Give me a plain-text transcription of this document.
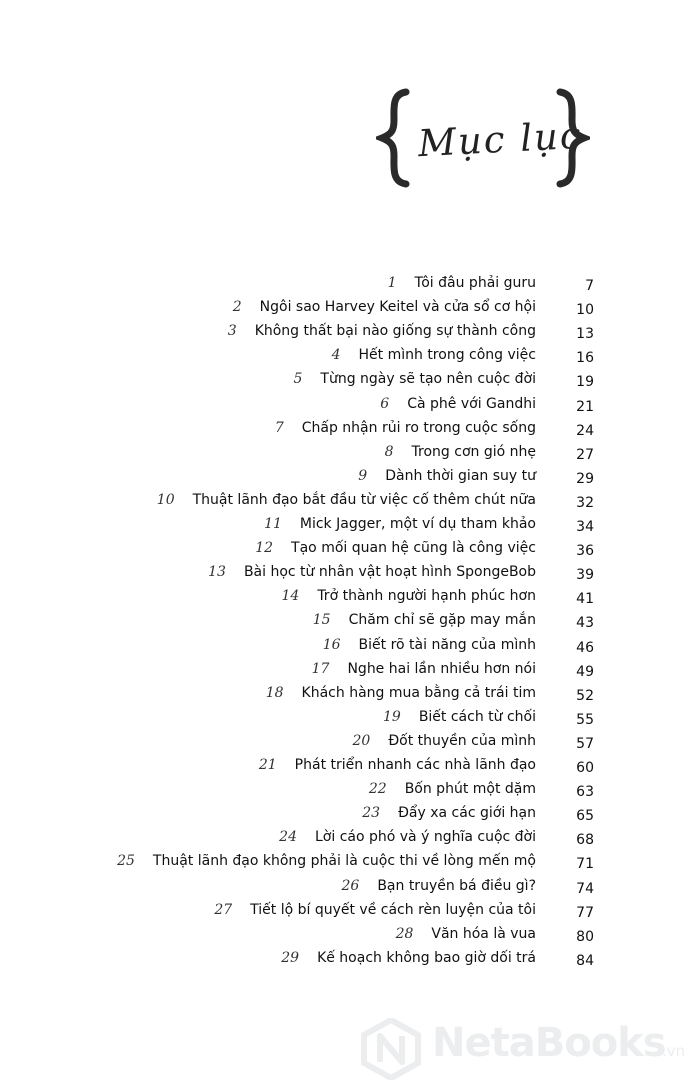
Mục lục
1 Tôi đâu phải guru	7
2 Ngôi sao Harvey Keitel và cửa sổ cơ hội	10
3 Không thất bại nào giống sự thành công	13
4 Hết mình trong công việc	16
5 Từng ngày sẽ tạo nên cuộc đời	19
6 Cà phê với Gandhi	21
7 Chấp nhận rủi ro trong cuộc sống	24
8 Trong cơn gió nhẹ	27
9 Dành thời gian suy tư	29
10 Thuật lãnh đạo bắt đầu từ việc cố thêm chút nữa	32
11 Mick Jagger, một ví dụ tham khảo	34
12 Tạo mối quan hệ cũng là công việc	36
13 Bài học từ nhân vật hoạt hình SpongeBob	39
14 Trở thành người hạnh phúc hơn	41
15 Chăm chỉ sẽ gặp may mắn	43
16 Biết rõ tài năng của mình	46
17 Nghe hai lần nhiều hơn nói	49
18 Khách hàng mua bằng cả trái tim	52
19 Biết cách từ chối	55
20 Đốt thuyền của mình	57
21 Phát triển nhanh các nhà lãnh đạo	60
22 Bốn phút một dặm	63
23 Đẩy xa các giới hạn	65
24 Lời cáo phó và ý nghĩa cuộc đời	68
25 Thuật lãnh đạo không phải là cuộc thi về lòng mến mộ	71
26 Bạn truyền bá điều gì?	74
27 Tiết lộ bí quyết về cách rèn luyện của tôi	77
28 Văn hóa là vua	80
29 Kế hoạch không bao giờ dối trá	84
NetaBooks
.vn
